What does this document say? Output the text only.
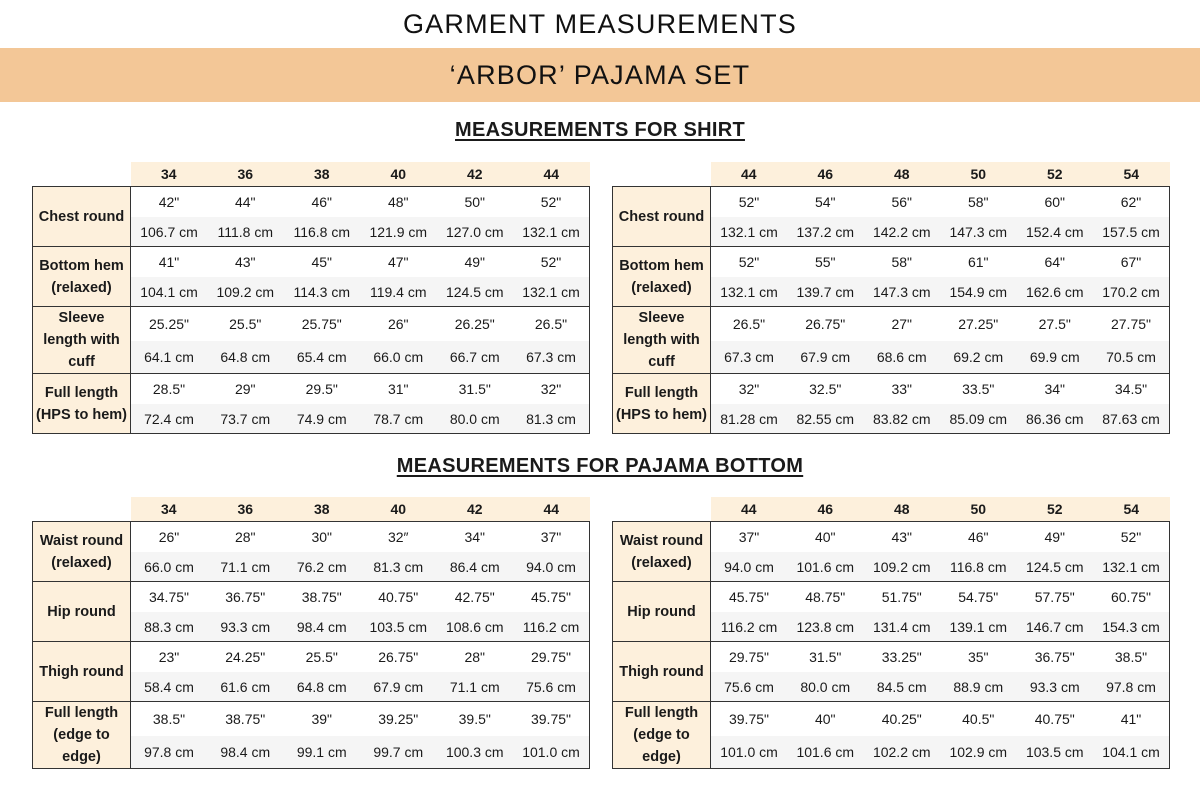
GARMENT MEASUREMENTS
‘ARBOR’ PAJAMA SET
MEASUREMENTS FOR SHIRT
	34	36	38	40	42	44
Chest round	42"	44"	46"	48"	50"	52"
	106.7 cm	111.8 cm	116.8 cm	121.9 cm	127.0 cm	132.1 cm
Bottom hem (relaxed)	41"	43"	45"	47"	49"	52"
	104.1 cm	109.2 cm	114.3 cm	119.4 cm	124.5 cm	132.1 cm
Sleeve length with cuff	25.25"	25.5"	25.75"	26"	26.25"	26.5"
	64.1 cm	64.8 cm	65.4 cm	66.0 cm	66.7 cm	67.3 cm
Full length (HPS to hem)	28.5"	29"	29.5"	31"	31.5"	32"
	72.4 cm	73.7 cm	74.9 cm	78.7 cm	80.0 cm	81.3 cm
	44	46	48	50	52	54
Chest round	52"	54"	56"	58"	60"	62"
	132.1 cm	137.2 cm	142.2 cm	147.3 cm	152.4 cm	157.5 cm
Bottom hem (relaxed)	52"	55"	58"	61"	64"	67"
	132.1 cm	139.7 cm	147.3 cm	154.9 cm	162.6 cm	170.2 cm
Sleeve length with cuff	26.5"	26.75"	27"	27.25"	27.5"	27.75"
	67.3 cm	67.9 cm	68.6 cm	69.2 cm	69.9 cm	70.5 cm
Full length (HPS to hem)	32"	32.5"	33"	33.5"	34"	34.5"
	81.28 cm	82.55 cm	83.82 cm	85.09 cm	86.36 cm	87.63 cm
MEASUREMENTS FOR PAJAMA BOTTOM
	34	36	38	40	42	44
Waist round (relaxed)	26"	28"	30"	32″	34"	37"
	66.0 cm	71.1 cm	76.2 cm	81.3 cm	86.4 cm	94.0 cm
Hip round	34.75"	36.75"	38.75"	40.75"	42.75"	45.75"
	88.3 cm	93.3 cm	98.4 cm	103.5 cm	108.6 cm	116.2 cm
Thigh round	23"	24.25"	25.5"	26.75"	28"	29.75"
	58.4 cm	61.6 cm	64.8 cm	67.9 cm	71.1 cm	75.6 cm
Full length (edge to edge)	38.5"	38.75"	39"	39.25"	39.5"	39.75"
	97.8 cm	98.4 cm	99.1 cm	99.7 cm	100.3 cm	101.0 cm
	44	46	48	50	52	54
Waist round (relaxed)	37"	40"	43"	46"	49"	52"
	94.0 cm	101.6 cm	109.2 cm	116.8 cm	124.5 cm	132.1 cm
Hip round	45.75"	48.75"	51.75"	54.75"	57.75"	60.75"
	116.2 cm	123.8 cm	131.4 cm	139.1 cm	146.7 cm	154.3 cm
Thigh round	29.75"	31.5"	33.25"	35"	36.75"	38.5"
	75.6 cm	80.0 cm	84.5 cm	88.9 cm	93.3 cm	97.8 cm
Full length (edge to edge)	39.75"	40"	40.25"	40.5"	40.75"	41"
	101.0 cm	101.6 cm	102.2 cm	102.9 cm	103.5 cm	104.1 cm
